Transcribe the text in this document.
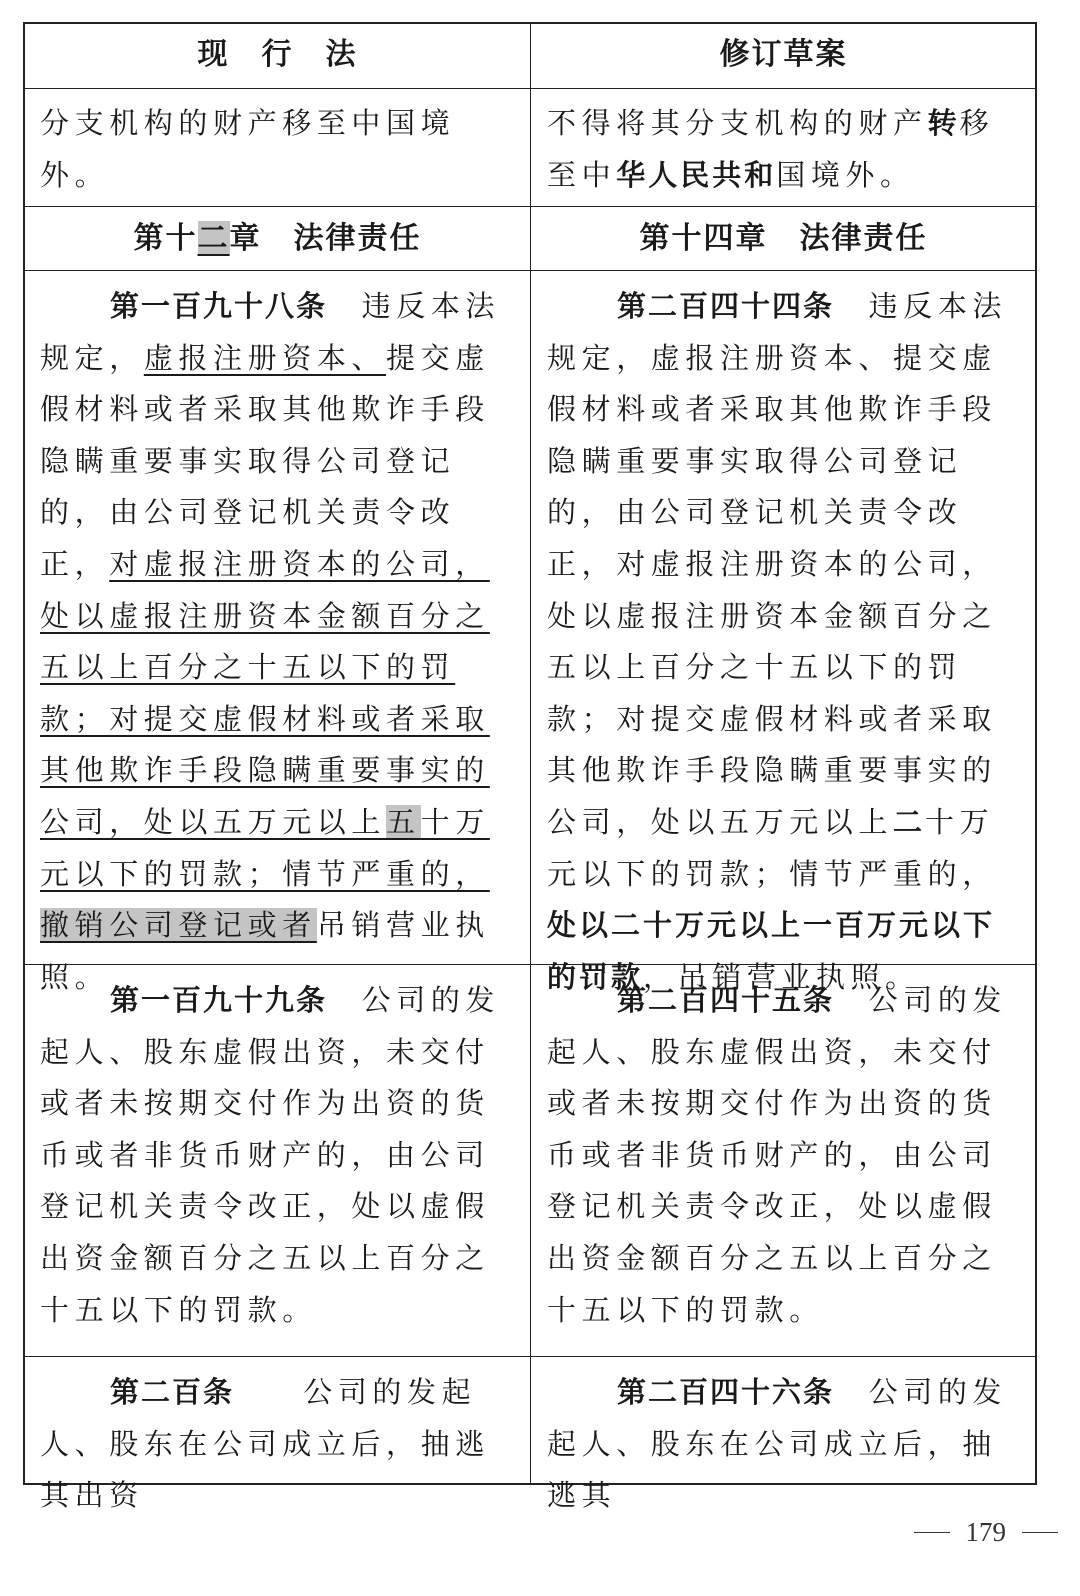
现　行　法	修订草案

分支机构的财产移至中国境外。

不得将其分支机构的财产转移至中华人民共和国境外。

第十二章　法律责任	第十四章　法律责任

第一百九十八条　 违反本法规定，虚报注册资本、提交虚假材料或者采取其他欺诈手段隐瞒重要事实取得公司登记的，由公司登记机关责令改正，对虚报注册资本的公司，处以虚报注册资本金额百分之五以上百分之十五以下的罚款；对提交虚假材料或者采取其他欺诈手段隐瞒重要事实的公司，处以五万元以上五十万元以下的罚款；情节严重的，撤销公司登记或者吊销营业执照。

第二百四十四条　 违反本法规定，虚报注册资本、提交虚假材料或者采取其他欺诈手段隐瞒重要事实取得公司登记的，由公司登记机关责令改正，对虚报注册资本的公司，处以虚报注册资本金额百分之五以上百分之十五以下的罚款；对提交虚假材料或者采取其他欺诈手段隐瞒重要事实的公司，处以五万元以上二十万元以下的罚款；情节严重的，处以二十万元以上一百万元以下的罚款，吊销营业执照。

第一百九十九条　 公司的发起人、股东虚假出资，未交付或者未按期交付作为出资的货币或者非货币财产的，由公司登记机关责令改正，处以虚假出资金额百分之五以上百分之十五以下的罚款。

第二百四十五条　 公司的发起人、股东虚假出资，未交付或者未按期交付作为出资的货币或者非货币财产的，由公司登记机关责令改正，处以虚假出资金额百分之五以上百分之十五以下的罚款。

第二百条　　 公司的发起人、股东在公司成立后，抽逃其出资

第二百四十六条　 公司的发起人、股东在公司成立后，抽逃其

179
